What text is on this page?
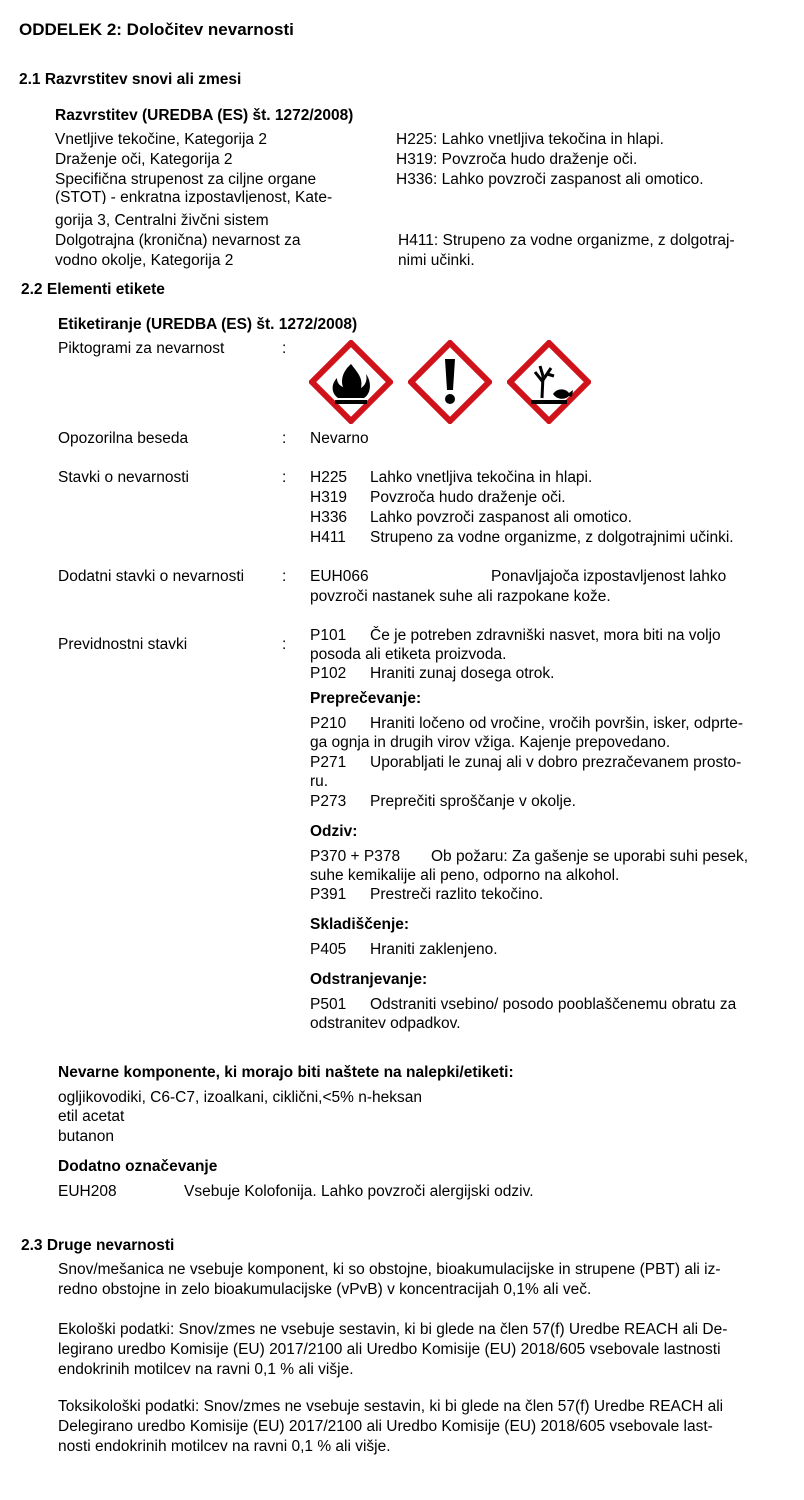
ODDELEK 2: Določitev nevarnosti
2.1 Razvrstitev snovi ali zmesi
Razvrstitev (UREDBA (ES) št. 1272/2008)
Vnetljive tekočine, Kategorija 2	H225: Lahko vnetljiva tekočina in hlapi.
Draženje oči, Kategorija 2	H319: Povzroča hudo draženje oči.
Specifična strupenost za ciljne organe	H336: Lahko povzroči zaspanost ali omotico.
(STOT) - enkratna izpostavljenost, Kate-
gorija 3, Centralni živčni sistem
Dolgotrajna (kronična) nevarnost za	H411: Strupeno za vodne organizme, z dolgotraj-
vodno okolje, Kategorija 2	nimi učinki.
2.2 Elementi etikete
Etiketiranje (UREDBA (ES) št. 1272/2008)
Piktogrami za nevarnost	:
Opozorilna beseda	: Nevarno
Stavki o nevarnosti	: H225 Lahko vnetljiva tekočina in hlapi.
H319 Povzroča hudo draženje oči.
H336 Lahko povzroči zaspanost ali omotico.
H411 Strupeno za vodne organizme, z dolgotrajnimi učinki.
Dodatni stavki o nevarnosti : EUH066	Ponavljajoča izpostavljenost lahko
povzroči nastanek suhe ali razpokane kože.
Previdnostni stavki	:
P101 Če je potreben zdravniški nasvet, mora biti na voljo
posoda ali etiketa proizvoda.
P102 Hraniti zunaj dosega otrok.
Preprečevanje:
P210 Hraniti ločeno od vročine, vročih površin, isker, odprte-
ga ognja in drugih virov vžiga. Kajenje prepovedano.
P271 Uporabljati le zunaj ali v dobro prezračevanem prosto-
ru.
P273 Preprečiti sproščanje v okolje.
Odziv:
P370 + P378 Ob požaru: Za gašenje se uporabi suhi pesek,
suhe kemikalije ali peno, odporno na alkohol.
P391 Prestreči razlito tekočino.
Skladiščenje:
P405 Hraniti zaklenjeno.
Odstranjevanje:
P501 Odstraniti vsebino/ posodo pooblaščenemu obratu za
odstranitev odpadkov.
Nevarne komponente, ki morajo biti naštete na nalepki/etiketi:
ogljikovodiki, C6-C7, izoalkani, ciklični,<5% n-heksan
etil acetat
butanon
Dodatno označevanje
EUH208	Vsebuje Kolofonija. Lahko povzroči alergijski odziv.
2.3 Druge nevarnosti
Snov/mešanica ne vsebuje komponent, ki so obstojne, bioakumulacijske in strupene (PBT) ali iz-
redno obstojne in zelo bioakumulacijske (vPvB) v koncentracijah 0,1% ali več.
Ekološki podatki: Snov/zmes ne vsebuje sestavin, ki bi glede na člen 57(f) Uredbe REACH ali De-
legirano uredbo Komisije (EU) 2017/2100 ali Uredbo Komisije (EU) 2018/605 vsebovale lastnosti
endokrinih motilcev na ravni 0,1 % ali višje.
Toksikološki podatki: Snov/zmes ne vsebuje sestavin, ki bi glede na člen 57(f) Uredbe REACH ali
Delegirano uredbo Komisije (EU) 2017/2100 ali Uredbo Komisije (EU) 2018/605 vsebovale last-
nosti endokrinih motilcev na ravni 0,1 % ali višje.
